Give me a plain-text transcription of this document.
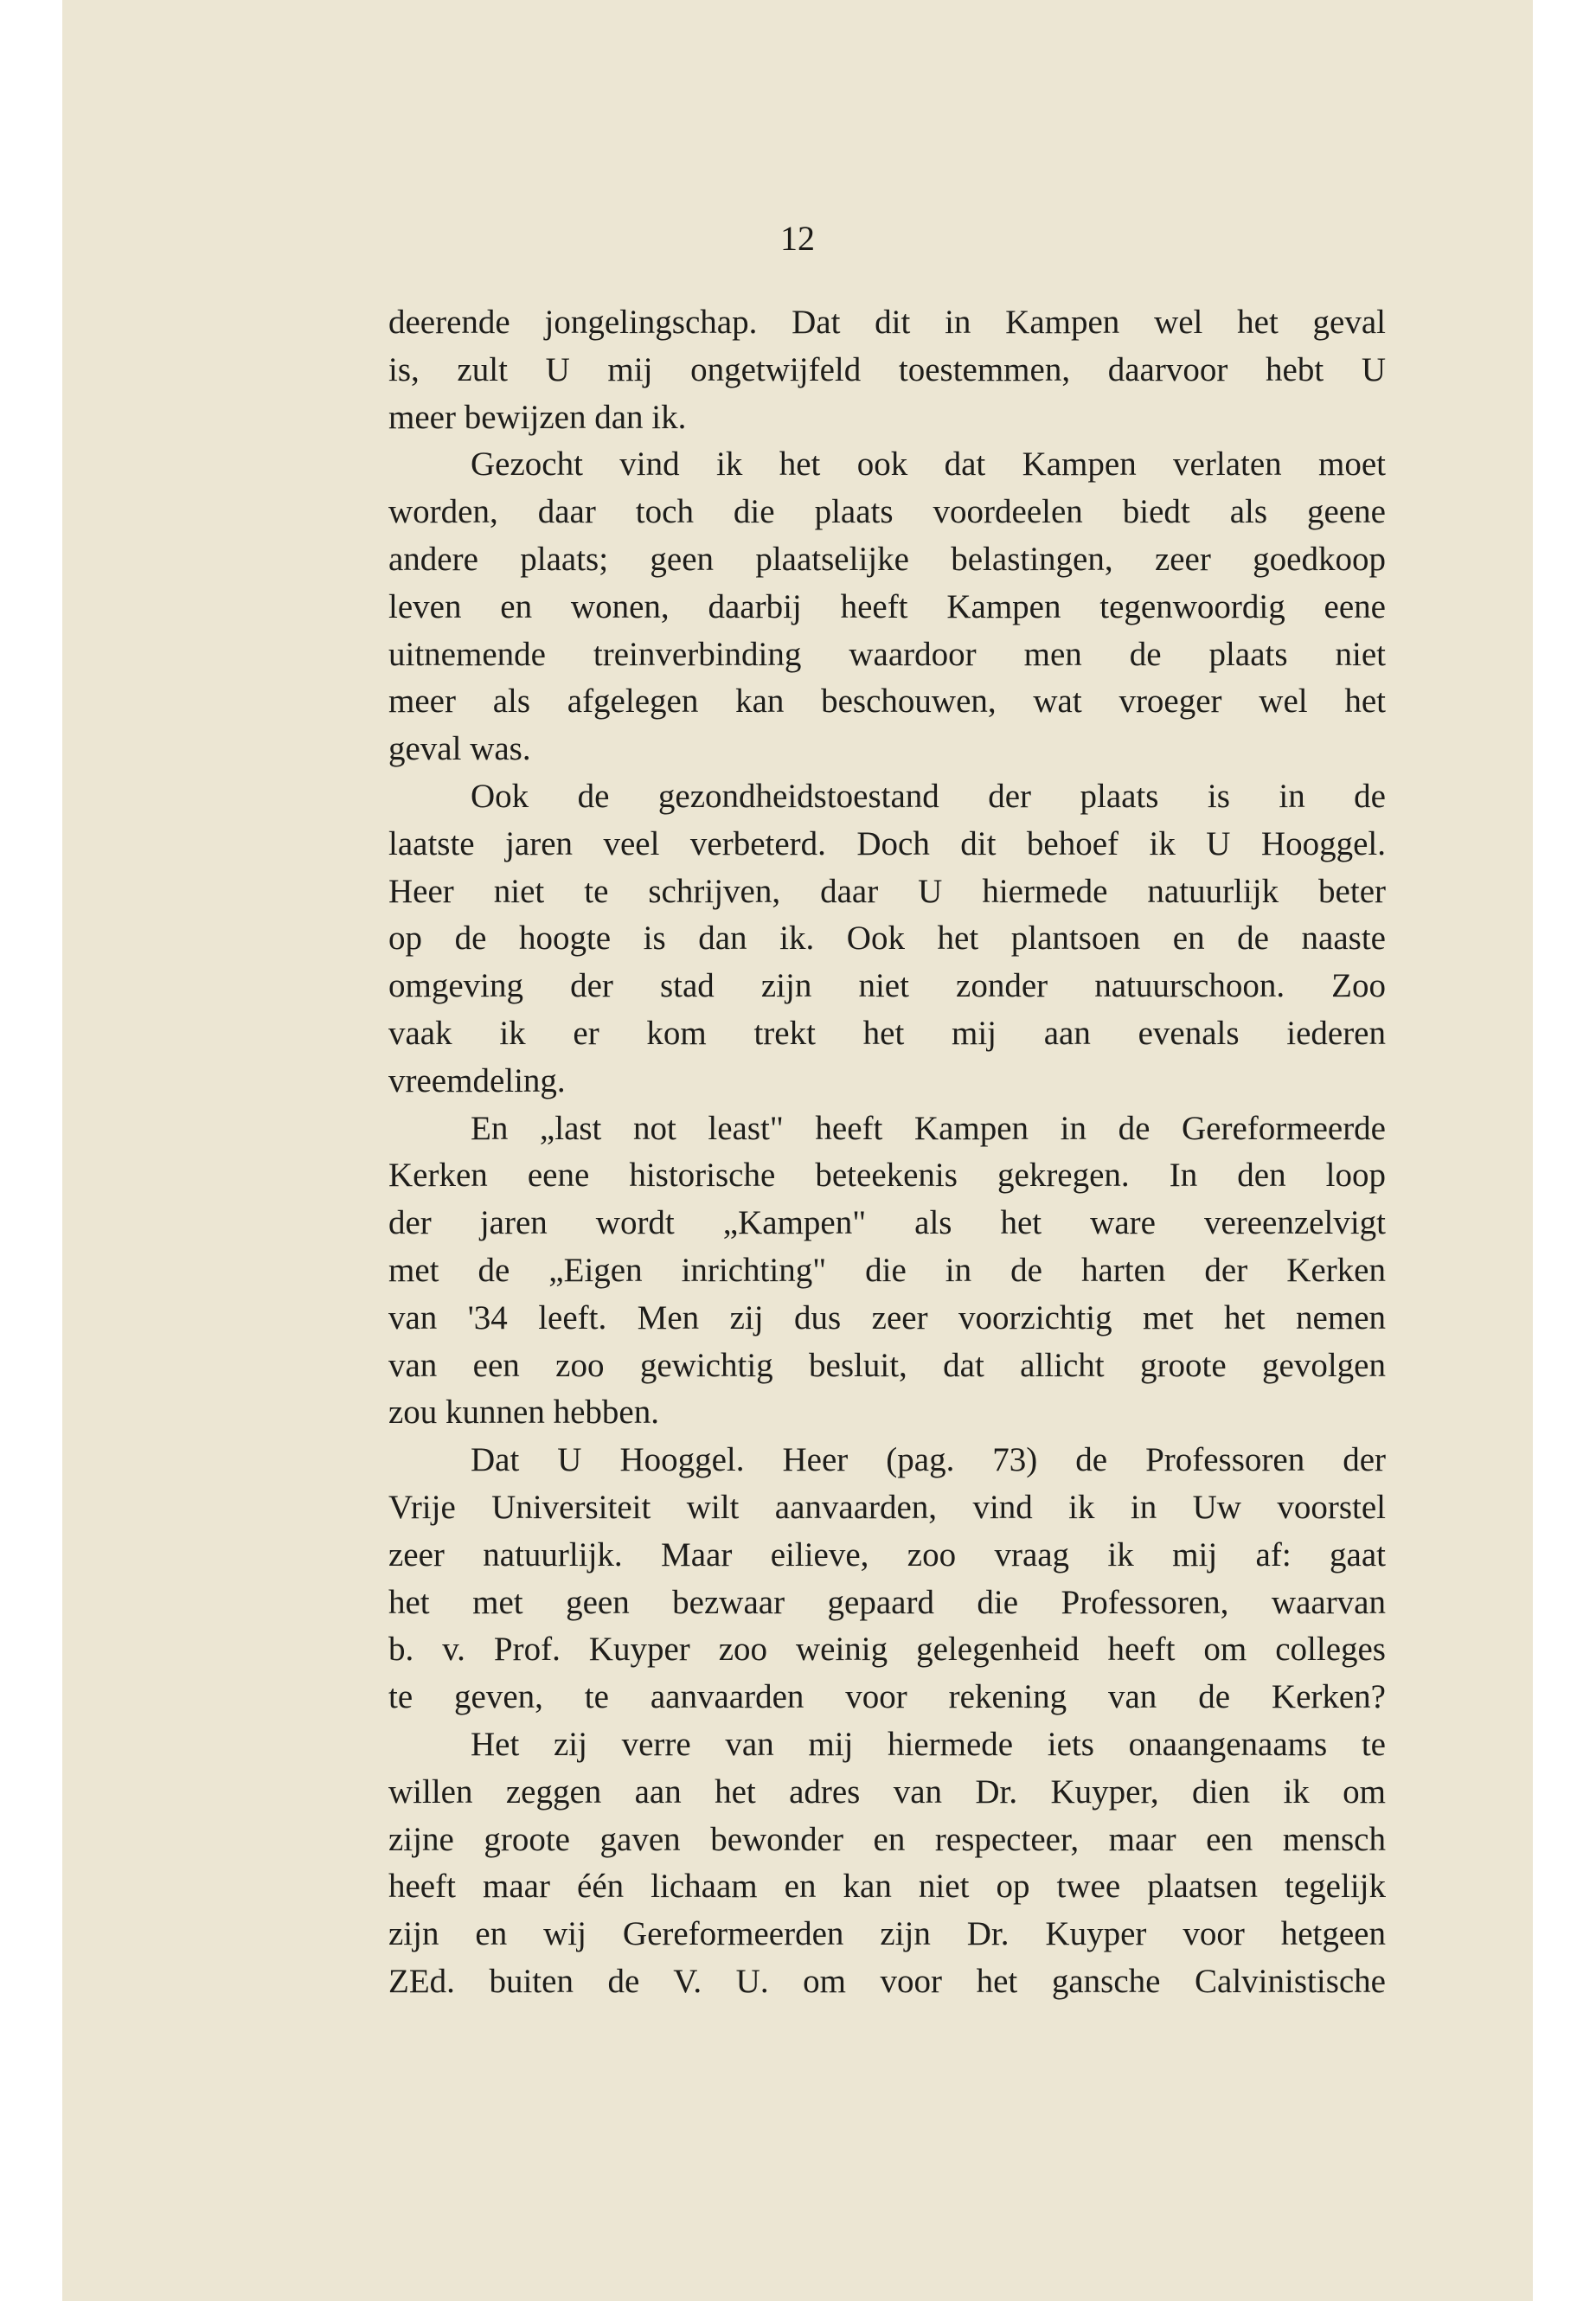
12
deerende jongelingschap. Dat dit in Kampen wel het geval
is, zult U mij ongetwijfeld toestemmen, daarvoor hebt U
meer bewijzen dan ik.
Gezocht vind ik het ook dat Kampen verlaten moet
worden, daar toch die plaats voordeelen biedt als geene
andere plaats; geen plaatselijke belastingen, zeer goedkoop
leven en wonen, daarbij heeft Kampen tegenwoordig eene
uitnemende treinverbinding waardoor men de plaats niet
meer als afgelegen kan beschouwen, wat vroeger wel het
geval was.
Ook de gezondheidstoestand der plaats is in de
laatste jaren veel verbeterd. Doch dit behoef ik U Hooggel.
Heer niet te schrijven, daar U hiermede natuurlijk beter
op de hoogte is dan ik. Ook het plantsoen en de naaste
omgeving der stad zijn niet zonder natuurschoon. Zoo
vaak ik er kom trekt het mij aan evenals iederen
vreemdeling.
En „last not least" heeft Kampen in de Gereformeerde
Kerken eene historische beteekenis gekregen. In den loop
der jaren wordt „Kampen" als het ware vereenzelvigt
met de „Eigen inrichting" die in de harten der Kerken
van '34 leeft. Men zij dus zeer voorzichtig met het nemen
van een zoo gewichtig besluit, dat allicht groote gevolgen
zou kunnen hebben.
Dat U Hooggel. Heer (pag. 73) de Professoren der
Vrije Universiteit wilt aanvaarden, vind ik in Uw voorstel
zeer natuurlijk. Maar eilieve, zoo vraag ik mij af: gaat
het met geen bezwaar gepaard die Professoren, waarvan
b. v. Prof. Kuyper zoo weinig gelegenheid heeft om colleges
te geven, te aanvaarden voor rekening van de Kerken?
Het zij verre van mij hiermede iets onaangenaams te
willen zeggen aan het adres van Dr. Kuyper, dien ik om
zijne groote gaven bewonder en respecteer, maar een mensch
heeft maar één lichaam en kan niet op twee plaatsen tegelijk
zijn en wij Gereformeerden zijn Dr. Kuyper voor hetgeen
ZEd. buiten de V. U. om voor het gansche Calvinistische
